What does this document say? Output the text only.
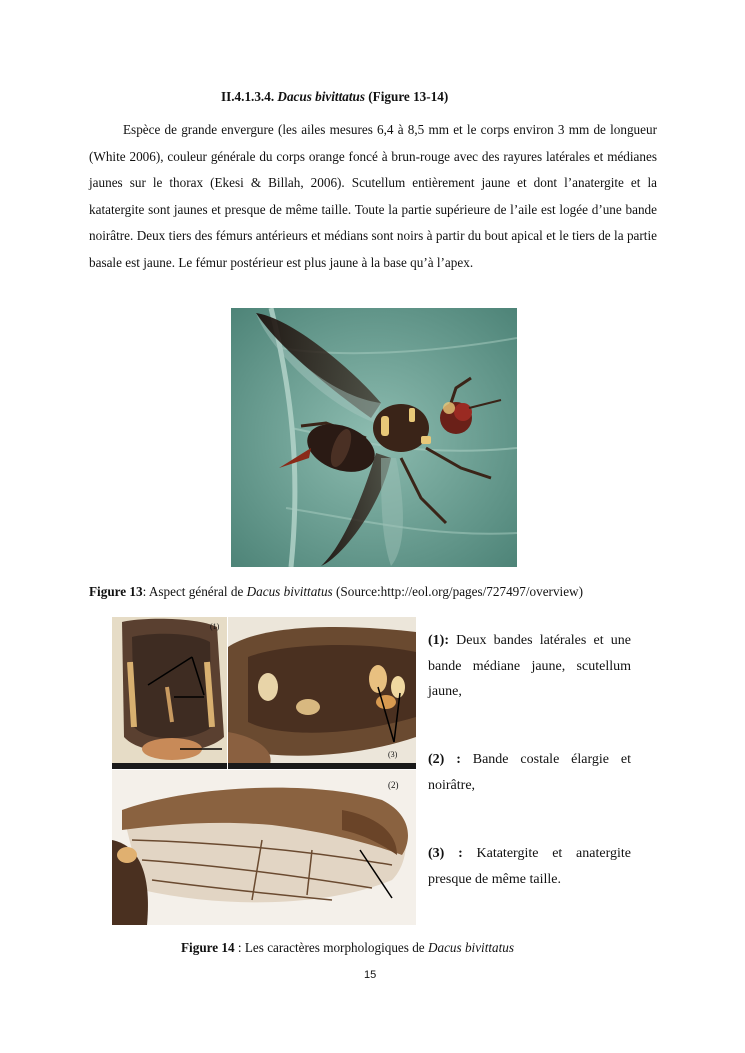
II.4.1.3.4. Dacus bivittatus (Figure 13-14)

Espèce de grande envergure (les ailes mesures 6,4 à 8,5 mm et le corps environ 3 mm de longueur (White 2006), couleur générale du corps orange foncé à brun-rouge avec des rayures latérales et médianes jaunes sur le thorax (Ekesi & Billah, 2006). Scutellum entièrement jaune et dont l’anatergite et la katatergite sont jaunes et presque de même taille. Toute la partie supérieure de l’aile est logée d’une bande noirâtre. Deux tiers des fémurs antérieurs et médians sont noirs à partir du bout apical et le tiers de la partie basale est jaune. Le fémur postérieur est plus jaune à la base qu’à l’apex.

Figure 13: Aspect général de Dacus bivittatus (Source:http://eol.org/pages/727497/overview)
(1)
(3)
(2)
(1): Deux bandes latérales et une bande médiane jaune, scutellum jaune,
(2) : Bande costale élargie et noirâtre,
(3) : Katatergite et anatergite presque de même taille.
Figure 14 : Les caractères morphologiques de Dacus bivittatus
15
